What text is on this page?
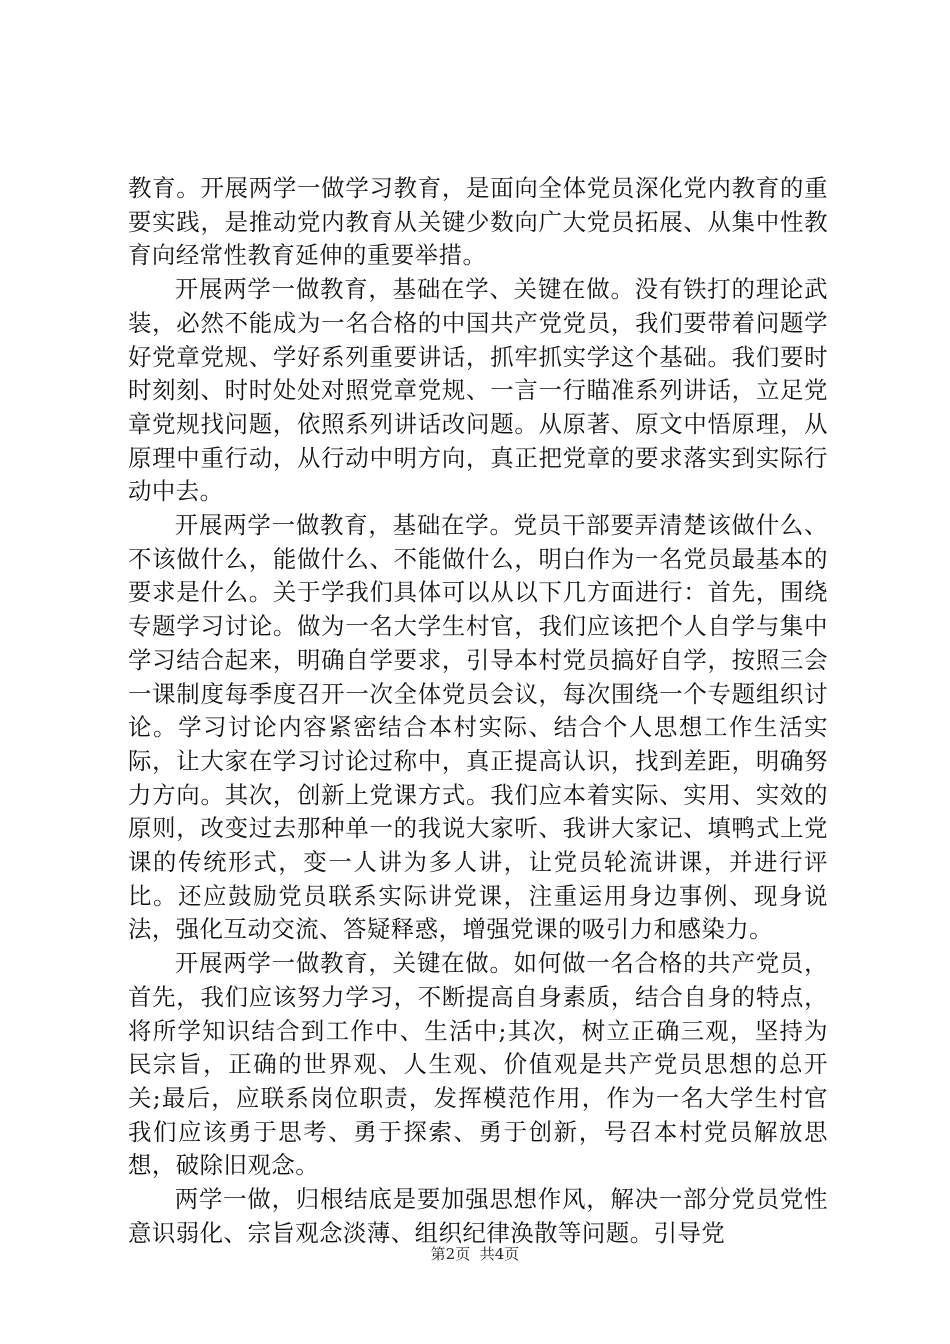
教育。开展两学一做学习教育，是面向全体党员深化党内教育的重要实践，是推动党内教育从关键少数向广大党员拓展、从集中性教育向经常性教育延伸的重要举措。

开展两学一做教育，基础在学、关键在做。没有铁打的理论武装，必然不能成为一名合格的中国共产党党员，我们要带着问题学好党章党规、学好系列重要讲话，抓牢抓实学这个基础。我们要时时刻刻、时时处处对照党章党规、一言一行瞄准系列讲话，立足党章党规找问题，依照系列讲话改问题。从原著、原文中悟原理，从原理中重行动，从行动中明方向，真正把党章的要求落实到实际行动中去。

开展两学一做教育，基础在学。党员干部要弄清楚该做什么、不该做什么，能做什么、不能做什么，明白作为一名党员最基本的要求是什么。关于学我们具体可以从以下几方面进行：首先，围绕专题学习讨论。做为一名大学生村官，我们应该把个人自学与集中学习结合起来，明确自学要求，引导本村党员搞好自学，按照三会一课制度每季度召开一次全体党员会议，每次围绕一个专题组织讨论。学习讨论内容紧密结合本村实际、结合个人思想工作生活实际，让大家在学习讨论过称中，真正提高认识，找到差距，明确努力方向。其次，创新上党课方式。我们应本着实际、实用、实效的原则，改变过去那种单一的我说大家听、我讲大家记、填鸭式上党课的传统形式，变一人讲为多人讲，让党员轮流讲课，并进行评比。还应鼓励党员联系实际讲党课，注重运用身边事例、现身说法，强化互动交流、答疑释惑，增强党课的吸引力和感染力。

开展两学一做教育，关键在做。如何做一名合格的共产党员，首先，我们应该努力学习，不断提高自身素质，结合自身的特点，将所学知识结合到工作中、生活中;其次，树立正确三观，坚持为民宗旨，正确的世界观、人生观、价值观是共产党员思想的总开关;最后，应联系岗位职责，发挥模范作用，作为一名大学生村官我们应该勇于思考、勇于探索、勇于创新，号召本村党员解放思想，破除旧观念。

两学一做，归根结底是要加强思想作风，解决一部分党员党性意识弱化、宗旨观念淡薄、组织纪律涣散等问题。引导党

第2页 共4页
